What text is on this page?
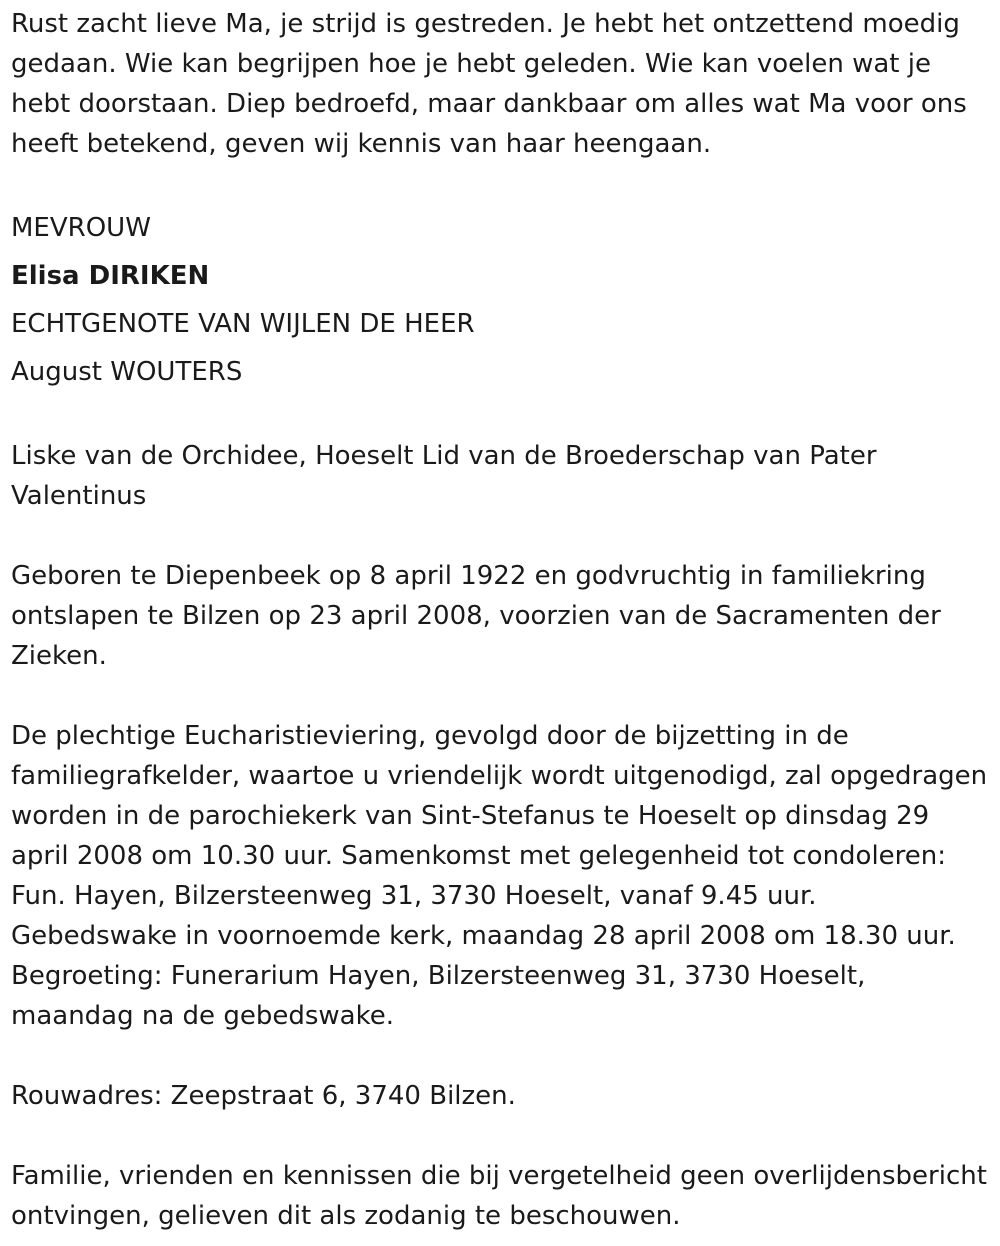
Rust zacht lieve Ma, je strijd is gestreden. Je hebt het ontzettend moedig gedaan. Wie kan begrijpen hoe je hebt geleden. Wie kan voelen wat je hebt doorstaan. Diep bedroefd, maar dankbaar om alles wat Ma voor ons heeft betekend, geven wij kennis van haar heengaan.

MEVROUW

Elisa DIRIKEN

ECHTGENOTE VAN WIJLEN DE HEER

August WOUTERS

Liske van de Orchidee, Hoeselt Lid van de Broederschap van Pater Valentinus

Geboren te Diepenbeek op 8 april 1922 en godvruchtig in familiekring ontslapen te Bilzen op 23 april 2008, voorzien van de Sacramenten der Zieken.

De plechtige Eucharistieviering, gevolgd door de bijzetting in de familiegrafkelder, waartoe u vriendelijk wordt uitgenodigd, zal opgedragen worden in de parochiekerk van Sint-Stefanus te Hoeselt op dinsdag 29 april 2008 om 10.30 uur. Samenkomst met gelegenheid tot condoleren: Fun. Hayen, Bilzersteenweg 31, 3730 Hoeselt, vanaf 9.45 uur. Gebedswake in voornoemde kerk, maandag 28 april 2008 om 18.30 uur. Begroeting: Funerarium Hayen, Bilzersteenweg 31, 3730 Hoeselt, maandag na de gebedswake.

Rouwadres: Zeepstraat 6, 3740 Bilzen.

Familie, vrienden en kennissen die bij vergetelheid geen overlijdensbericht ontvingen, gelieven dit als zodanig te beschouwen.
